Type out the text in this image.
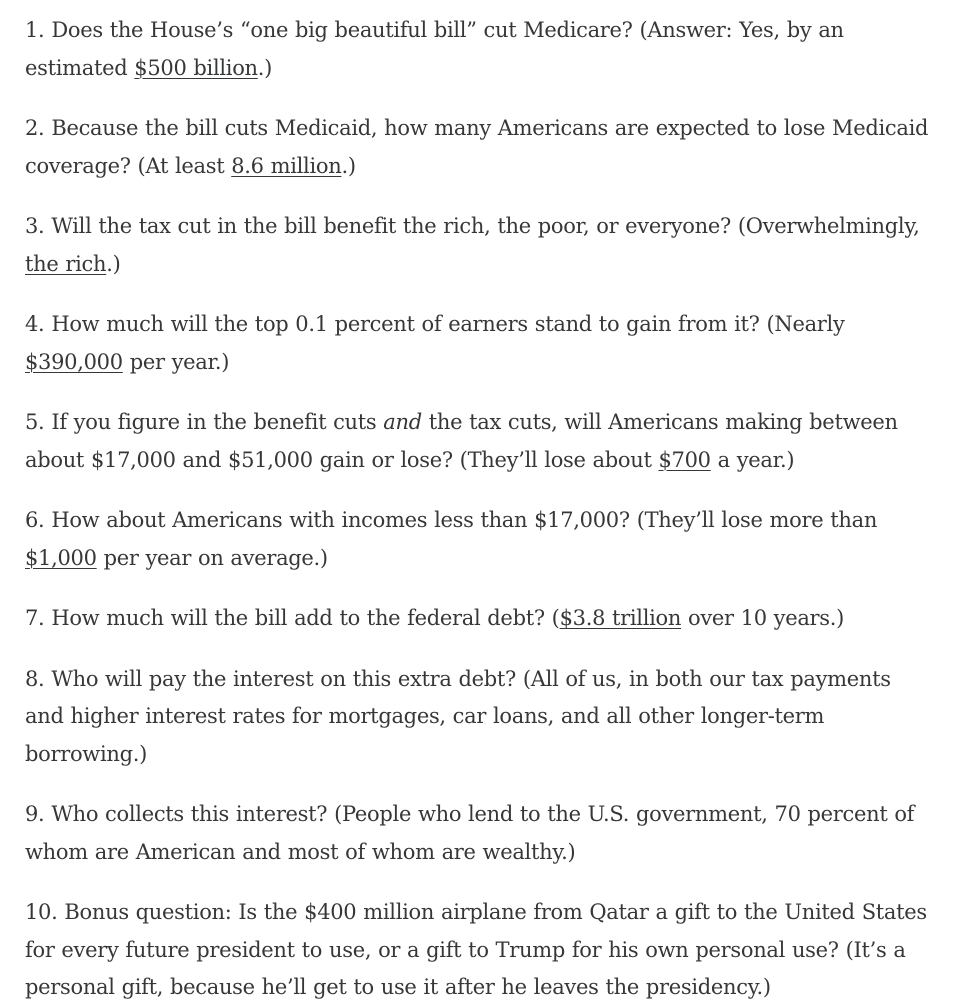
1. Does the House’s “one big beautiful bill” cut Medicare? (Answer: Yes, by an estimated $500 billion.)

2. Because the bill cuts Medicaid, how many Americans are expected to lose Medicaid coverage? (At least 8.6 million.)

3. Will the tax cut in the bill benefit the rich, the poor, or everyone? (Overwhelmingly, the rich.)

4. How much will the top 0.1 percent of earners stand to gain from it? (Nearly $390,000 per year.)

5. If you figure in the benefit cuts and the tax cuts, will Americans making between about $17,000 and $51,000 gain or lose? (They’ll lose about $700 a year.)

6. How about Americans with incomes less than $17,000? (They’ll lose more than $1,000 per year on average.)

7. How much will the bill add to the federal debt? ($3.8 trillion over 10 years.)

8. Who will pay the interest on this extra debt? (All of us, in both our tax payments and higher interest rates for mortgages, car loans, and all other longer-term borrowing.)

9. Who collects this interest? (People who lend to the U.S. government, 70 percent of whom are American and most of whom are wealthy.)

10. Bonus question: Is the $400 million airplane from Qatar a gift to the United States for every future president to use, or a gift to Trump for his own personal use? (It’s a personal gift, because he’ll get to use it after he leaves the presidency.)
